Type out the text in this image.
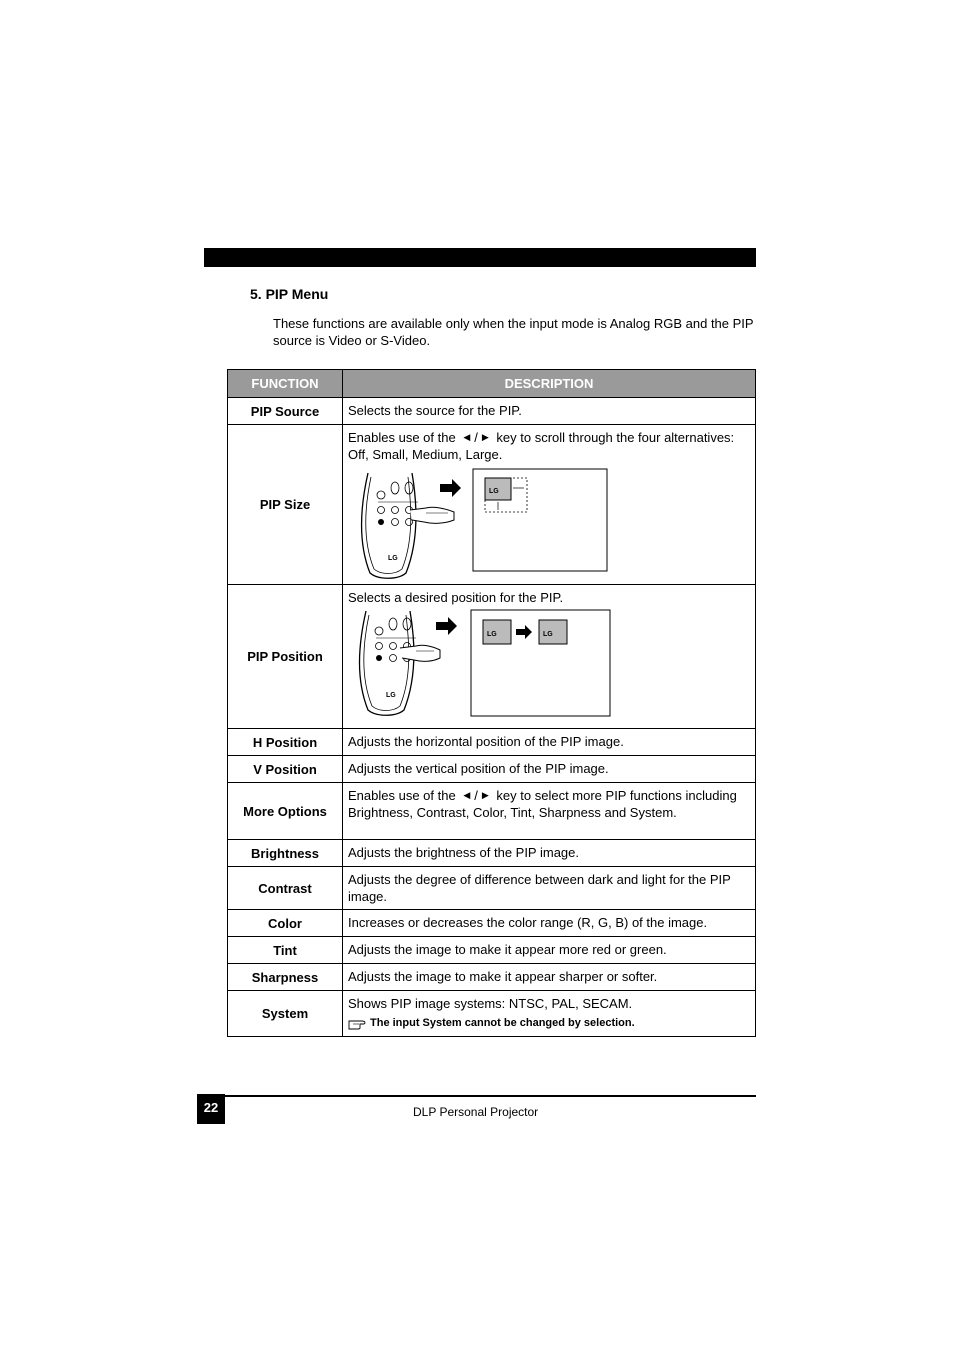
5. PIP Menu
These functions are available only when the input mode is Analog RGB and the PIP source is Video or S-Video.
FUNCTION	DESCRIPTION
PIP Source	Selects the source for the PIP.
PIP Size	Enables use of the ◀ / ▶ key to scroll through the four alternatives: Off, Small, Medium, Large.
LG
LG

PIP Position	Selects a desired position for the PIP.
LG
LG LG

H Position	Adjusts the horizontal position of the PIP image.
V Position	Adjusts the vertical position of the PIP image.
More Options	Enables use of the ◀ / ▶ key to select more PIP functions including Brightness, Contrast, Color, Tint, Sharpness and System.
Brightness	Adjusts the brightness of the PIP image.
Contrast	Adjusts the degree of difference between dark and light for the PIP image.
Color	Increases or decreases the color range (R, G, B) of the image.
Tint	Adjusts the image to make it appear more red or green.
Sharpness	Adjusts the image to make it appear sharper or softer.
System	Shows PIP image systems: NTSC, PAL, SECAM.
The input System cannot be changed by selection.
22	DLP Personal Projector
